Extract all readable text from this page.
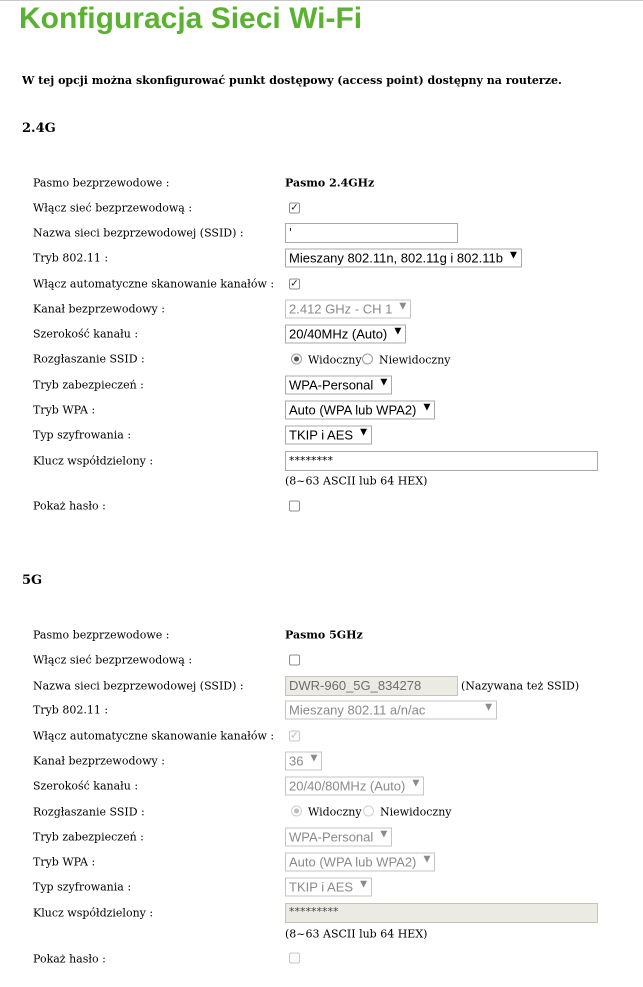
Konfiguracja Sieci Wi-Fi
W tej opcji można skonfigurować punkt dostępowy (access point) dostępny na routerze.
2.4G
Pasmo bezprzewodowe :	Pasmo 2.4GHz
Włącz sieć bezprzewodową :	✓
Nazwa sieci bezprzewodowej (SSID) :	'
Tryb 802.11 :	Mieszany 802.11n, 802.11g i 802.11b ▼
Włącz automatyczne skanowanie kanałów : ✓
Kanał bezprzewodowy :	2.412 GHz - CH 1 ▼
Szerokość kanału :	20/40MHz (Auto) ▼
Rozgłaszanie SSID :	Widoczny Niewidoczny
Tryb zabezpieczeń :	WPA-Personal ▼
Tryb WPA :	Auto (WPA lub WPA2) ▼
Typ szyfrowania :	TKIP i AES ▼
Klucz współdzielony :	********
(8~63 ASCII lub 64 HEX)
Pokaż hasło :
5G
Pasmo bezprzewodowe :	Pasmo 5GHz
Włącz sieć bezprzewodową :
Nazwa sieci bezprzewodowej (SSID) :	DWR-960_5G_834278	(Nazywana też SSID)
Tryb 802.11 :	Mieszany 802.11 a/n/ac	▼
Włącz automatyczne skanowanie kanałów : ✓
Kanał bezprzewodowy :	36 ▼
Szerokość kanału :	20/40/80MHz (Auto) ▼
Rozgłaszanie SSID :	Widoczny Niewidoczny
Tryb zabezpieczeń :	WPA-Personal ▼
Tryb WPA :	Auto (WPA lub WPA2) ▼
Typ szyfrowania :	TKIP i AES ▼
Klucz współdzielony :	*********
(8~63 ASCII lub 64 HEX)
Pokaż hasło :
